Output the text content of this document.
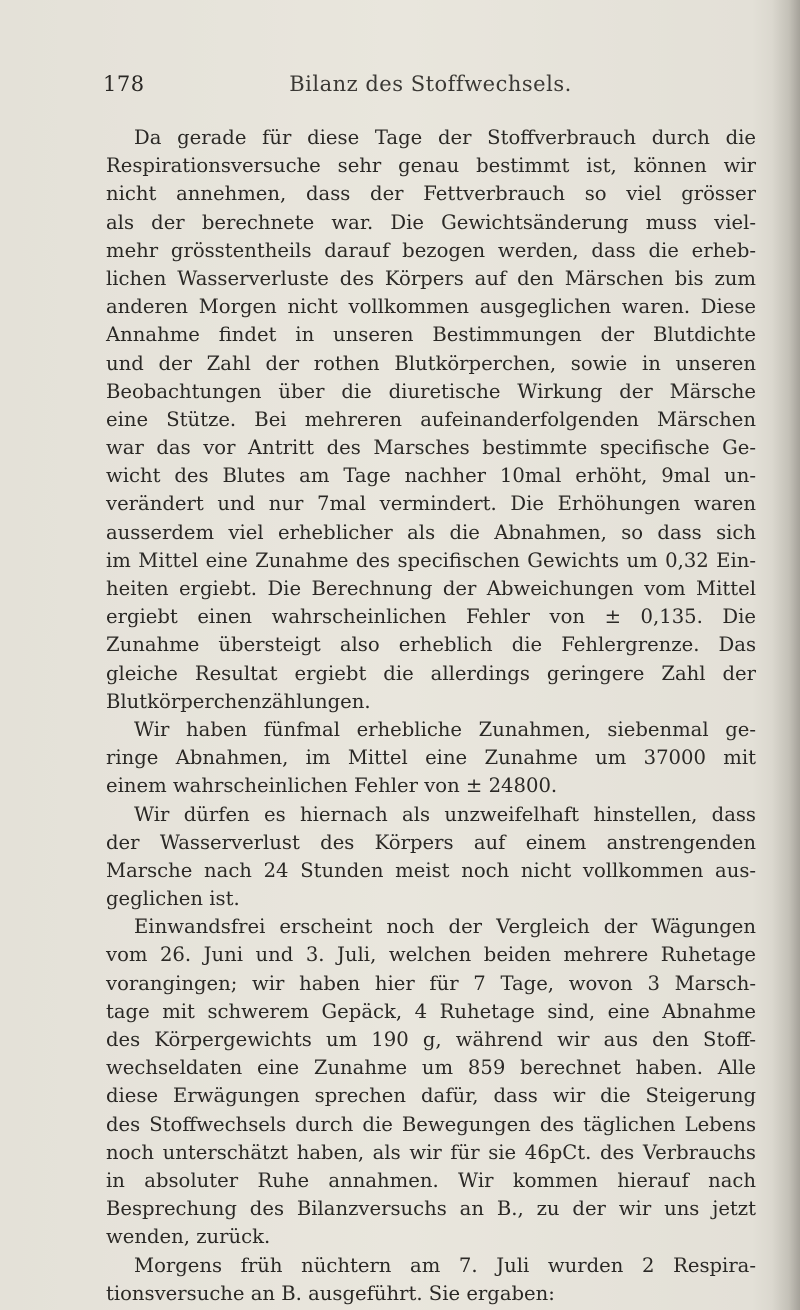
178	Bilanz des Stoffwechsels.
Da gerade für diese Tage der Stoffverbrauch durch die
Respirationsversuche sehr genau bestimmt ist, können wir
nicht annehmen, dass der Fettverbrauch so viel grösser
als der berechnete war. Die Gewichtsänderung muss viel-
mehr grösstentheils darauf bezogen werden, dass die erheb-
lichen Wasserverluste des Körpers auf den Märschen bis zum
anderen Morgen nicht vollkommen ausgeglichen waren. Diese
Annahme findet in unseren Bestimmungen der Blutdichte
und der Zahl der rothen Blutkörperchen, sowie in unseren
Beobachtungen über die diuretische Wirkung der Märsche
eine Stütze. Bei mehreren aufeinanderfolgenden Märschen
war das vor Antritt des Marsches bestimmte specifische Ge-
wicht des Blutes am Tage nachher 10mal erhöht, 9mal un-
verändert und nur 7mal vermindert. Die Erhöhungen waren
ausserdem viel erheblicher als die Abnahmen, so dass sich
im Mittel eine Zunahme des specifischen Gewichts um 0,32 Ein-
heiten ergiebt. Die Berechnung der Abweichungen vom Mittel
ergiebt einen wahrscheinlichen Fehler von ± 0,135. Die
Zunahme übersteigt also erheblich die Fehlergrenze. Das
gleiche Resultat ergiebt die allerdings geringere Zahl der
Blutkörperchenzählungen.
Wir haben fünfmal erhebliche Zunahmen, siebenmal ge-
ringe Abnahmen, im Mittel eine Zunahme um 37000 mit
einem wahrscheinlichen Fehler von ± 24800.
Wir dürfen es hiernach als unzweifelhaft hinstellen, dass
der Wasserverlust des Körpers auf einem anstrengenden
Marsche nach 24 Stunden meist noch nicht vollkommen aus-
geglichen ist.
Einwandsfrei erscheint noch der Vergleich der Wägungen
vom 26. Juni und 3. Juli, welchen beiden mehrere Ruhetage
vorangingen; wir haben hier für 7 Tage, wovon 3 Marsch-
tage mit schwerem Gepäck, 4 Ruhetage sind, eine Abnahme
des Körpergewichts um 190 g, während wir aus den Stoff-
wechseldaten eine Zunahme um 859 berechnet haben. Alle
diese Erwägungen sprechen dafür, dass wir die Steigerung
des Stoffwechsels durch die Bewegungen des täglichen Lebens
noch unterschätzt haben, als wir für sie 46pCt. des Verbrauchs
in absoluter Ruhe annahmen. Wir kommen hierauf nach
Besprechung des Bilanzversuchs an B., zu der wir uns jetzt
wenden, zurück.
Morgens früh nüchtern am 7. Juli wurden 2 Respira-
tionsversuche an B. ausgeführt. Sie ergaben:
